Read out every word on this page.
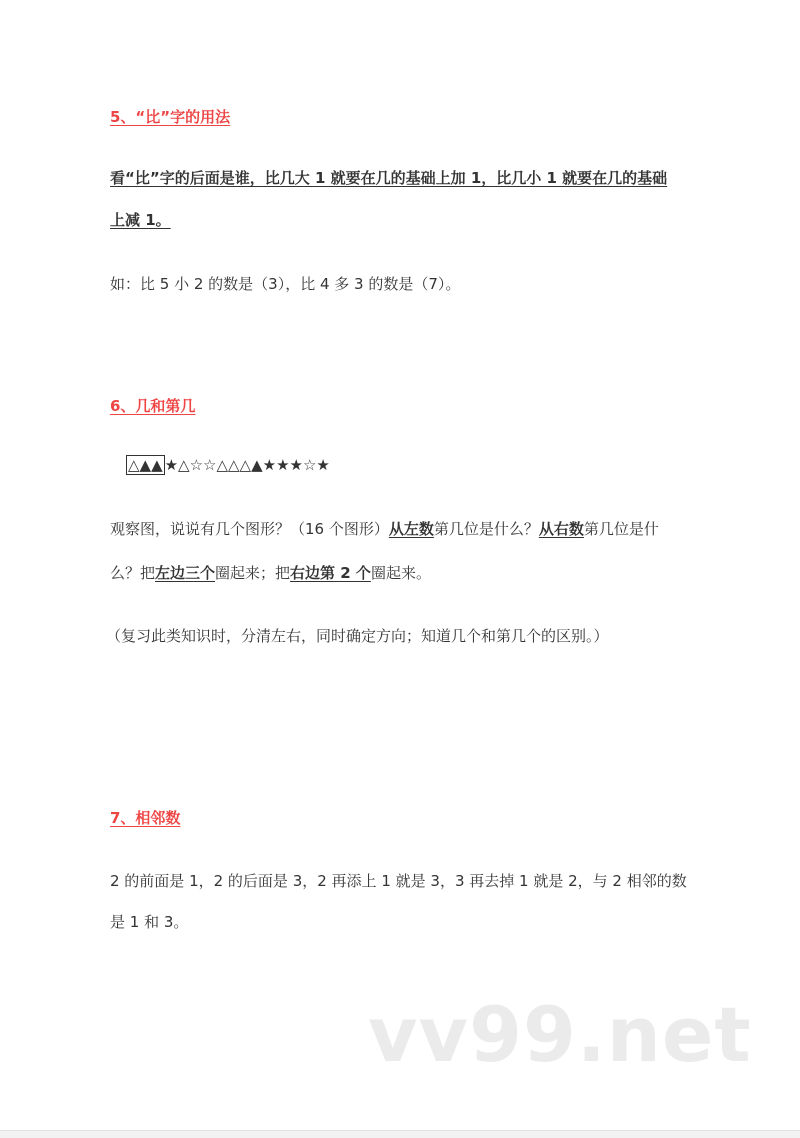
5、“比”字的用法
看“比”字的后面是谁，比几大 1 就要在几的基础上加 1，比几小 1 就要在几的基础
上减 1。
如：比 5 小 2 的数是（3），比 4 多 3 的数是（7）。
6、几和第几
△▲▲ ★△☆☆△△△▲★★★☆★
观察图，说说有几个图形？（16 个图形）从左数第几位是什么？从右数第几位是什
么？把左边三个圈起来；把右边第 2 个圈起来。
（复习此类知识时，分清左右，同时确定方向；知道几个和第几个的区别。）
7、相邻数
2 的前面是 1，2 的后面是 3，2 再添上 1 就是 3，3 再去掉 1 就是 2，与 2 相邻的数
是 1 和 3。
vv99.net
